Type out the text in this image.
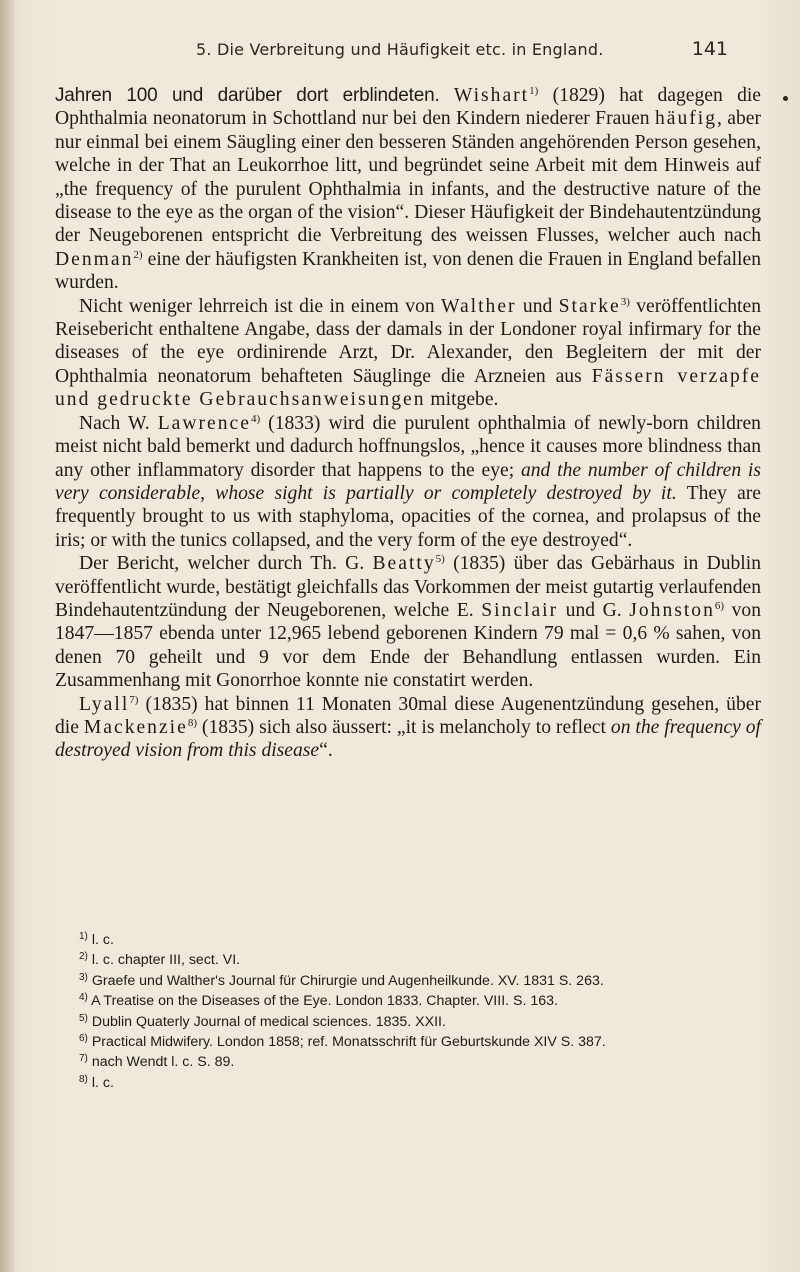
5. Die Verbreitung und Häufigkeit etc. in England.	141

Jahren 100 und darüber dort erblindeten. Wishart$^{1)}$ (1829) hat dagegen die Ophthalmia neonatorum in Schottland nur bei den Kindern niederer Frauen häufig, aber nur einmal bei einem Säugling einer den besseren Ständen angehörenden Person gesehen, welche in der That an Leukorrhoe litt, und begründet seine Arbeit mit dem Hinweis auf „the frequency of the purulent Ophthalmia in infants, and the destructive nature of the disease to the eye as the organ of the vision“. Dieser Häufigkeit der Bindehautentzündung der Neugeborenen entspricht die Verbreitung des weissen Flusses, welcher auch nach Denman$^{2)}$ eine der häufigsten Krankheiten ist, von denen die Frauen in England befallen wurden.

Nicht weniger lehrreich ist die in einem von Walther und Starke$^{3)}$ veröffentlichten Reisebericht enthaltene Angabe, dass der damals in der Londoner royal infirmary for the diseases of the eye ordinirende Arzt, Dr. Alexander, den Begleitern der mit der Ophthalmia neonatorum behafteten Säuglinge die Arzneien aus Fässern verzapfe und gedruckte Gebrauchsanweisungen mitgebe.

Nach W. Lawrence$^{4)}$ (1833) wird die purulent ophthalmia of newly-born children meist nicht bald bemerkt und dadurch hoffnungslos, „hence it causes more blindness than any other inflammatory disorder that happens to the eye; and the number of children is very considerable, whose sight is partially or completely destroyed by it. They are frequently brought to us with staphyloma, opacities of the cornea, and prolapsus of the iris; or with the tunics collapsed, and the very form of the eye destroyed“.

Der Bericht, welcher durch Th. G. Beatty$^{5)}$ (1835) über das Gebärhaus in Dublin veröffentlicht wurde, bestätigt gleichfalls das Vorkommen der meist gutartig verlaufenden Bindehautentzündung der Neugeborenen, welche E. Sinclair und G. Johnston$^{6)}$ von 1847—1857 ebenda unter 12,965 lebend geborenen Kindern 79 mal = 0,6 % sahen, von denen 70 geheilt und 9 vor dem Ende der Behandlung entlassen wurden. Ein Zusammenhang mit Gonorrhoe konnte nie constatirt werden.

Lyall$^{7)}$ (1835) hat binnen 11 Monaten 30mal diese Augenentzündung gesehen, über die Mackenzie$^{8)}$ (1835) sich also äussert: „it is melancholy to reflect on the frequency of destroyed vision from this disease“.

$^{1)}$ l. c.

$^{2)}$ l. c. chapter III, sect. VI.

$^{3)}$ Graefe und Walther's Journal für Chirurgie und Augenheilkunde. XV. 1831 S. 263.

$^{4)}$ A Treatise on the Diseases of the Eye. London 1833. Chapter. VIII. S. 163.

$^{5)}$ Dublin Quaterly Journal of medical sciences. 1835. XXII.

$^{6)}$ Practical Midwifery. London 1858; ref. Monatsschrift für Geburtskunde XIV S. 387.

$^{7)}$ nach Wendt l. c. S. 89.

$^{8)}$ l. c.
